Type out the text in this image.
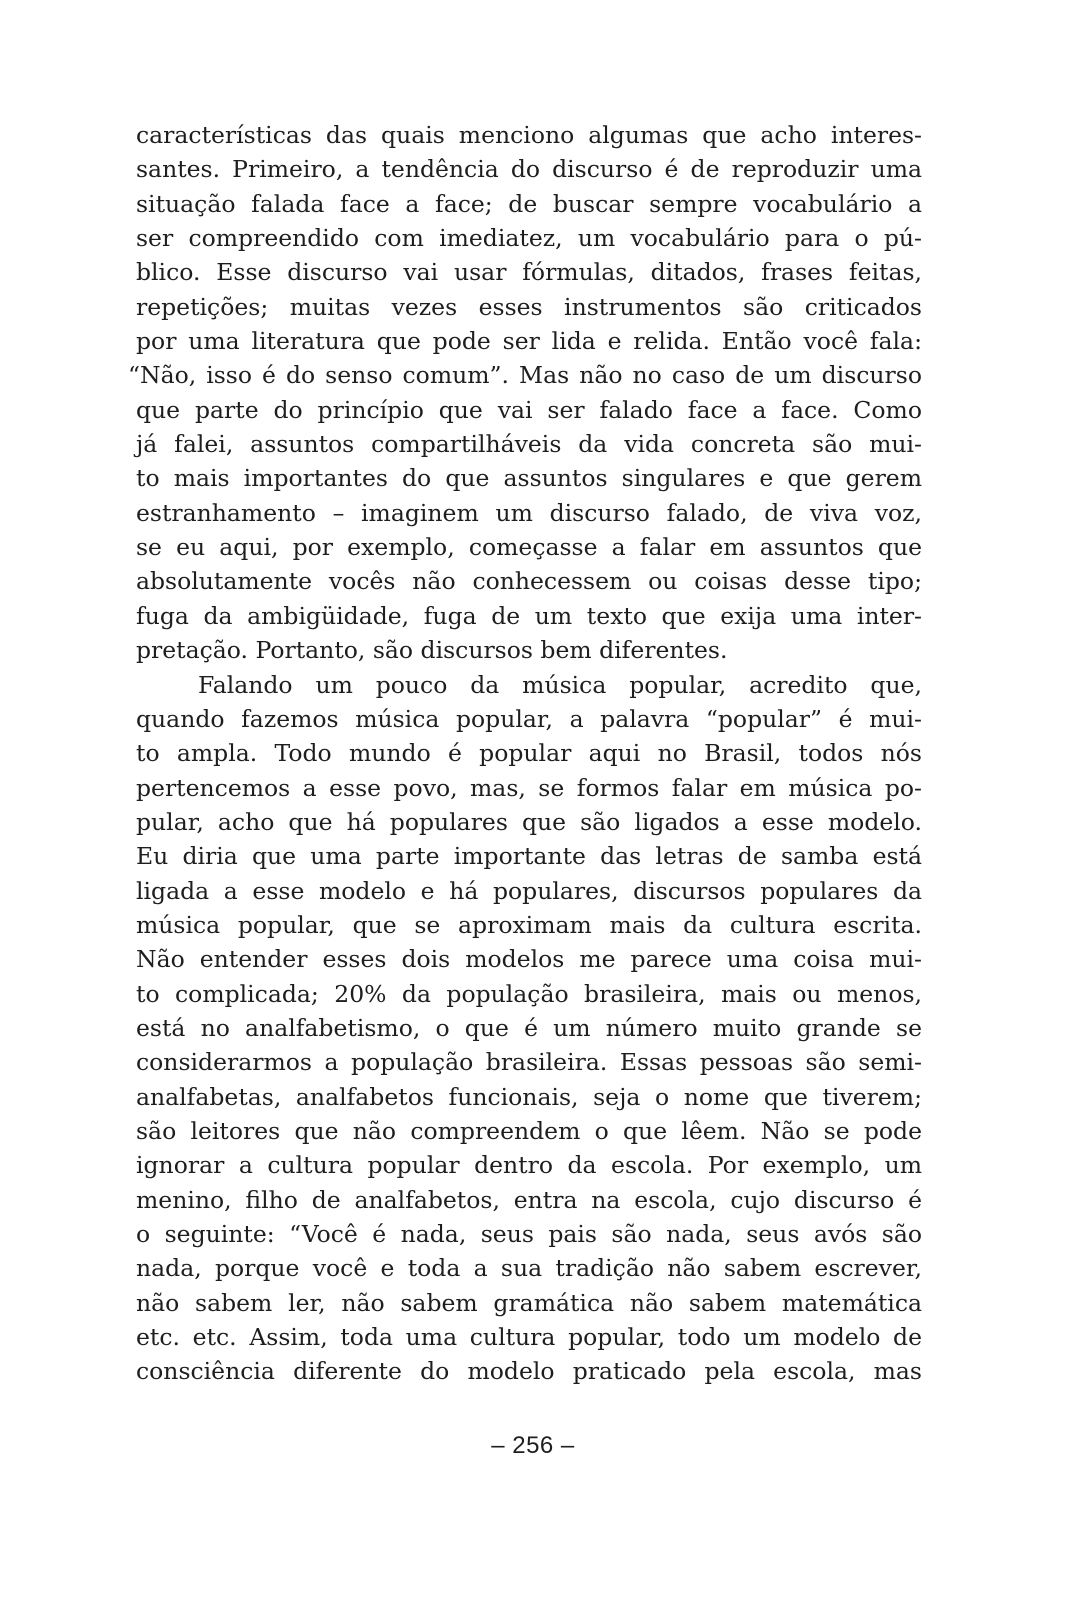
características das quais menciono algumas que acho interes-
santes. Primeiro, a tendência do discurso é de reproduzir uma
situação falada face a face; de buscar sempre vocabulário a
ser compreendido com imediatez, um vocabulário para o pú-
blico. Esse discurso vai usar fórmulas, ditados, frases feitas,
repetições; muitas vezes esses instrumentos são criticados
por uma literatura que pode ser lida e relida. Então você fala:
“Não, isso é do senso comum”. Mas não no caso de um discurso
que parte do princípio que vai ser falado face a face. Como
já falei, assuntos compartilháveis da vida concreta são mui-
to mais importantes do que assuntos singulares e que gerem
estranhamento – imaginem um discurso falado, de viva voz,
se eu aqui, por exemplo, começasse a falar em assuntos que
absolutamente vocês não conhecessem ou coisas desse tipo;
fuga da ambigüidade, fuga de um texto que exija uma inter-
pretação. Portanto, são discursos bem diferentes.
Falando um pouco da música popular, acredito que,
quando fazemos música popular, a palavra “popular” é mui-
to ampla. Todo mundo é popular aqui no Brasil, todos nós
pertencemos a esse povo, mas, se formos falar em música po-
pular, acho que há populares que são ligados a esse modelo.
Eu diria que uma parte importante das letras de samba está
ligada a esse modelo e há populares, discursos populares da
música popular, que se aproximam mais da cultura escrita.
Não entender esses dois modelos me parece uma coisa mui-
to complicada; 20% da população brasileira, mais ou menos,
está no analfabetismo, o que é um número muito grande se
considerarmos a população brasileira. Essas pessoas são semi-
analfabetas, analfabetos funcionais, seja o nome que tiverem;
são leitores que não compreendem o que lêem. Não se pode
ignorar a cultura popular dentro da escola. Por exemplo, um
menino, filho de analfabetos, entra na escola, cujo discurso é
o seguinte: “Você é nada, seus pais são nada, seus avós são
nada, porque você e toda a sua tradição não sabem escrever,
não sabem ler, não sabem gramática não sabem matemática
etc. etc. Assim, toda uma cultura popular, todo um modelo de
consciência diferente do modelo praticado pela escola, mas
– 256 –
